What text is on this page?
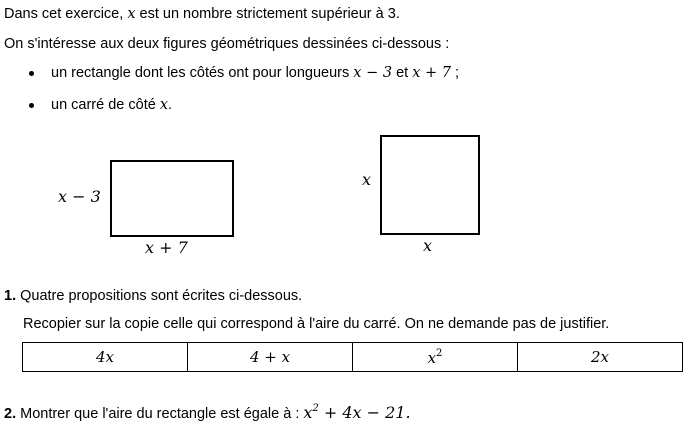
Dans cet exercice, x est un nombre strictement supérieur à 3.
On s'intéresse aux deux figures géométriques dessinées ci-dessous :
un rectangle dont les côtés ont pour longueurs x − 3 et x + 7 ;
un carré de côté x.
x − 3
x + 7
x
x
1. Quatre propositions sont écrites ci-dessous.
Recopier sur la copie celle qui correspond à l'aire du carré. On ne demande pas de justifier.
4x	4 + x	$x^2$	2x
2. Montrer que l'aire du rectangle est égale à : $x^2 + 4x - 21$.
